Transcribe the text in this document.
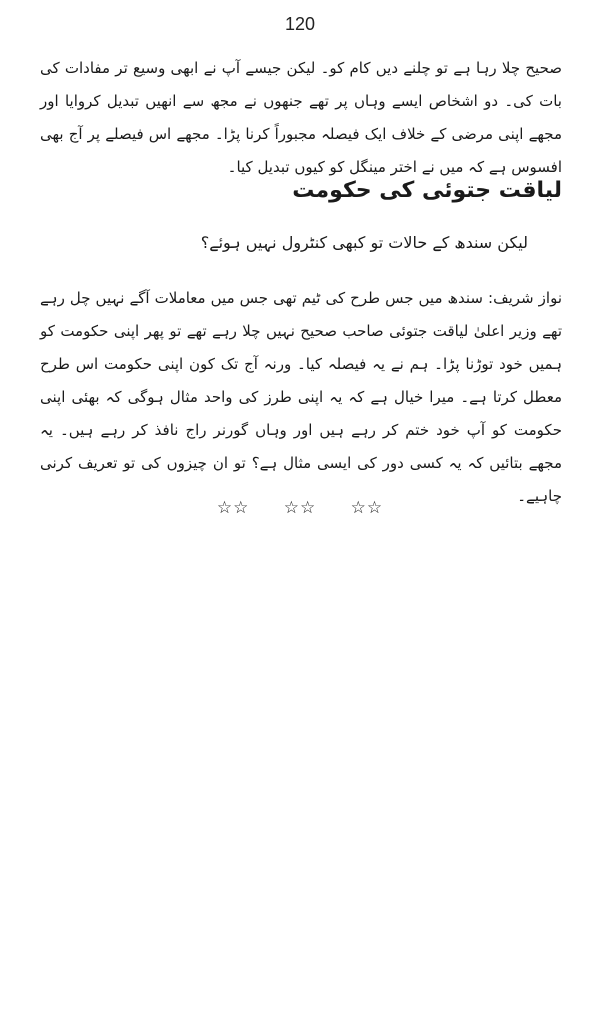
120
صحیح چلا رہا ہے تو چلنے دیں کام کو۔ لیکن جیسے آپ نے ابھی وسیع تر مفادات کی بات کی۔ دو اشخاص ایسے وہاں پر تھے جنھوں نے مجھ سے انھیں تبدیل کروایا اور مجھے اپنی مرضی کے خلاف ایک فیصلہ مجبوراً کرنا پڑا۔ مجھے اس فیصلے پر آج بھی افسوس ہے کہ میں نے اختر مینگل کو کیوں تبدیل کیا۔
لیاقت جتوئی کی حکومت
لیکن سندھ کے حالات تو کبھی کنٹرول نہیں ہوئے؟
نواز شریف: سندھ میں جس طرح کی ٹیم تھی جس میں معاملات آگے نہیں چل رہے تھے وزیر اعلیٰ لیاقت جتوئی صاحب صحیح نہیں چلا رہے تھے تو پھر اپنی حکومت کو ہمیں خود توڑنا پڑا۔ ہم نے یہ فیصلہ کیا۔ ورنہ آج تک کون اپنی حکومت اس طرح معطل کرتا ہے۔ میرا خیال ہے کہ یہ اپنی طرز کی واحد مثال ہوگی کہ بھئی اپنی حکومت کو آپ خود ختم کر رہے ہیں اور وہاں گورنر راج نافذ کر رہے ہیں۔ یہ مجھے بتائیں کہ یہ کسی دور کی ایسی مثال ہے؟ تو ان چیزوں کی تو تعریف کرنی چاہیے۔
☆☆ ☆☆ ☆☆
